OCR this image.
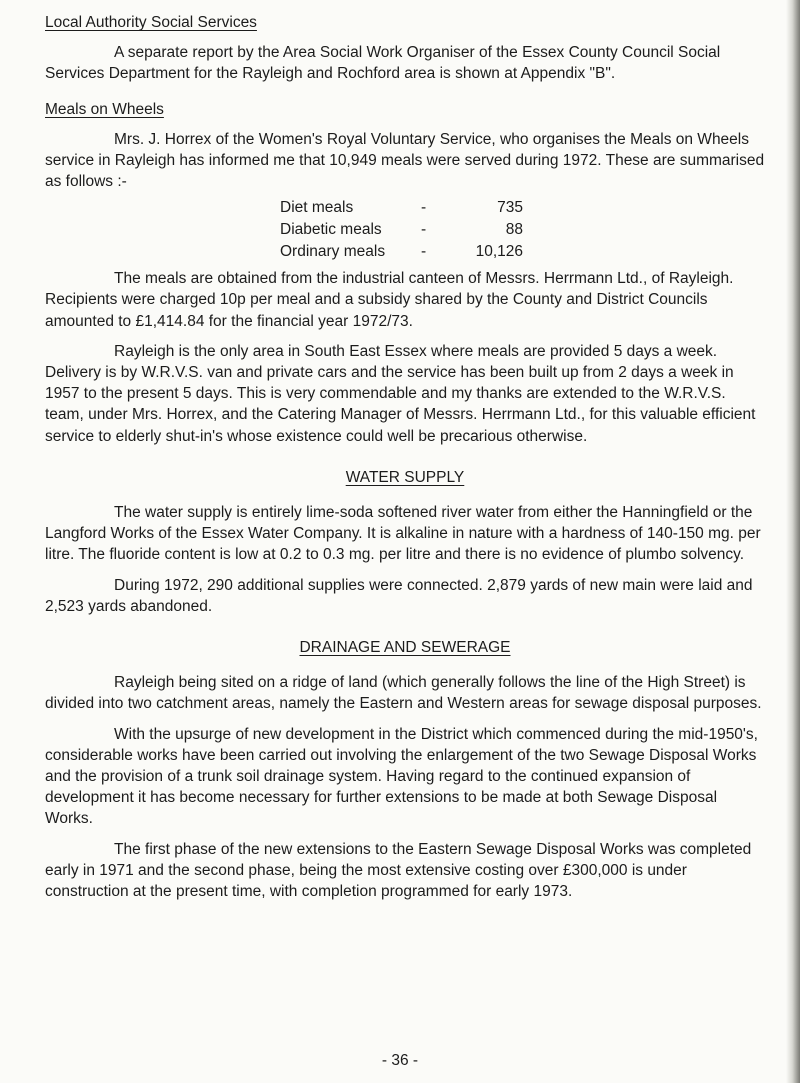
Local Authority Social Services

A separate report by the Area Social Work Organiser of the Essex County Council Social Services Department for the Rayleigh and Rochford area is shown at Appendix "B".

Meals on Wheels

Mrs. J. Horrex of the Women's Royal Voluntary Service, who organises the Meals on Wheels service in Rayleigh has informed me that 10,949 meals were served during 1972. These are summarised as follows :-

Diet meals	-	735
Diabetic meals	-	88
Ordinary meals	-	10,126

The meals are obtained from the industrial canteen of Messrs. Herrmann Ltd., of Rayleigh. Recipients were charged 10p per meal and a subsidy shared by the County and District Councils amounted to £1,414.84 for the financial year 1972/73.

Rayleigh is the only area in South East Essex where meals are provided 5 days a week. Delivery is by W.R.V.S. van and private cars and the service has been built up from 2 days a week in 1957 to the present 5 days. This is very commendable and my thanks are extended to the W.R.V.S. team, under Mrs. Horrex, and the Catering Manager of Messrs. Herrmann Ltd., for this valuable efficient service to elderly shut-in's whose existence could well be precarious otherwise.

WATER SUPPLY

The water supply is entirely lime-soda softened river water from either the Hanningfield or the Langford Works of the Essex Water Company. It is alkaline in nature with a hardness of 140-150 mg. per litre. The fluoride content is low at 0.2 to 0.3 mg. per litre and there is no evidence of plumbo solvency.

During 1972, 290 additional supplies were connected. 2,879 yards of new main were laid and 2,523 yards abandoned.

DRAINAGE AND SEWERAGE

Rayleigh being sited on a ridge of land (which generally follows the line of the High Street) is divided into two catchment areas, namely the Eastern and Western areas for sewage disposal purposes.

With the upsurge of new development in the District which commenced during the mid-1950's, considerable works have been carried out involving the enlargement of the two Sewage Disposal Works and the provision of a trunk soil drainage system. Having regard to the continued expansion of development it has become necessary for further extensions to be made at both Sewage Disposal Works.

The first phase of the new extensions to the Eastern Sewage Disposal Works was completed early in 1971 and the second phase, being the most extensive costing over £300,000 is under construction at the present time, with completion programmed for early 1973.

- 36 -
